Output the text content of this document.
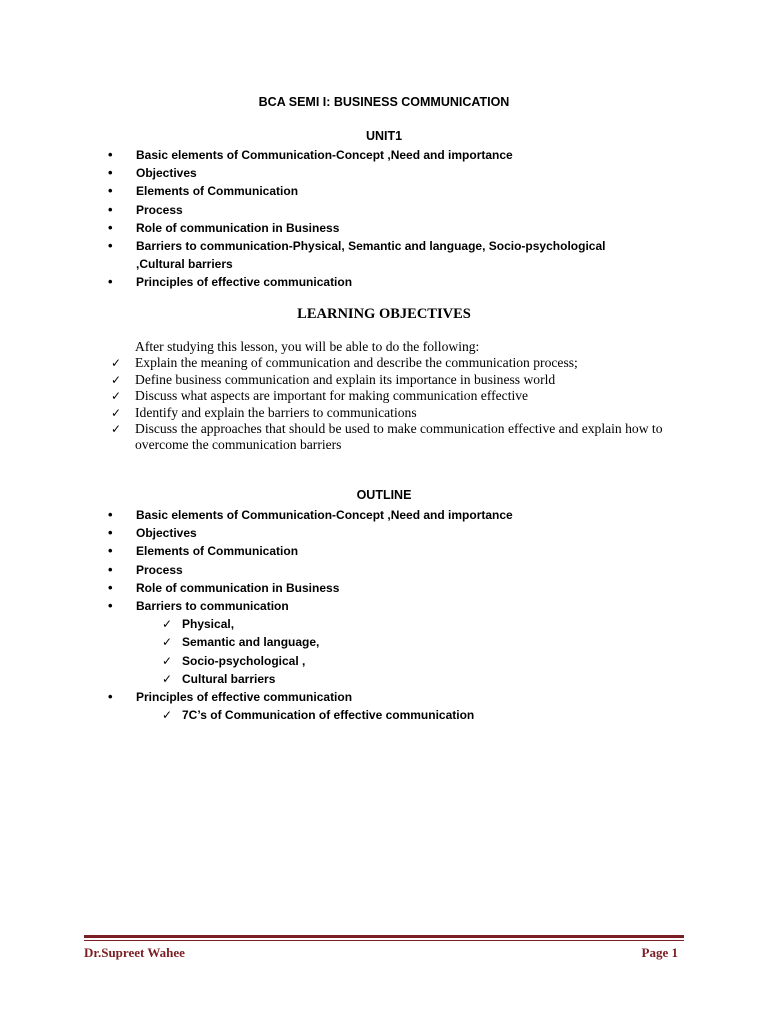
BCA SEMI I: BUSINESS COMMUNICATION
UNIT1
•	Basic elements of Communication-Concept ,Need and importance
•	Objectives
•	Elements of Communication
•	Process
•	Role of communication in Business
•	Barriers to communication-Physical, Semantic and language, Socio-psychological ,Cultural barriers
•	Principles of effective communication
LEARNING OBJECTIVES
After studying this lesson, you will be able to do the following:
✓ Explain the meaning of communication and describe the communication process;
✓ Define business communication and explain its importance in business world
✓ Discuss what aspects are important for making communication effective
✓ Identify and explain the barriers to communications
✓ Discuss the approaches that should be used to make communication effective and explain how to overcome the communication barriers
OUTLINE
•	Basic elements of Communication-Concept ,Need and importance
•	Objectives
•	Elements of Communication
•	Process
•	Role of communication in Business
•	Barriers to communication
✓ Physical,
✓ Semantic and language,
✓ Socio-psychological ,
✓ Cultural barriers
•	Principles of effective communication
✓ 7C’s of Communication of effective communication
Dr.Supreet Wahee	Page 1
